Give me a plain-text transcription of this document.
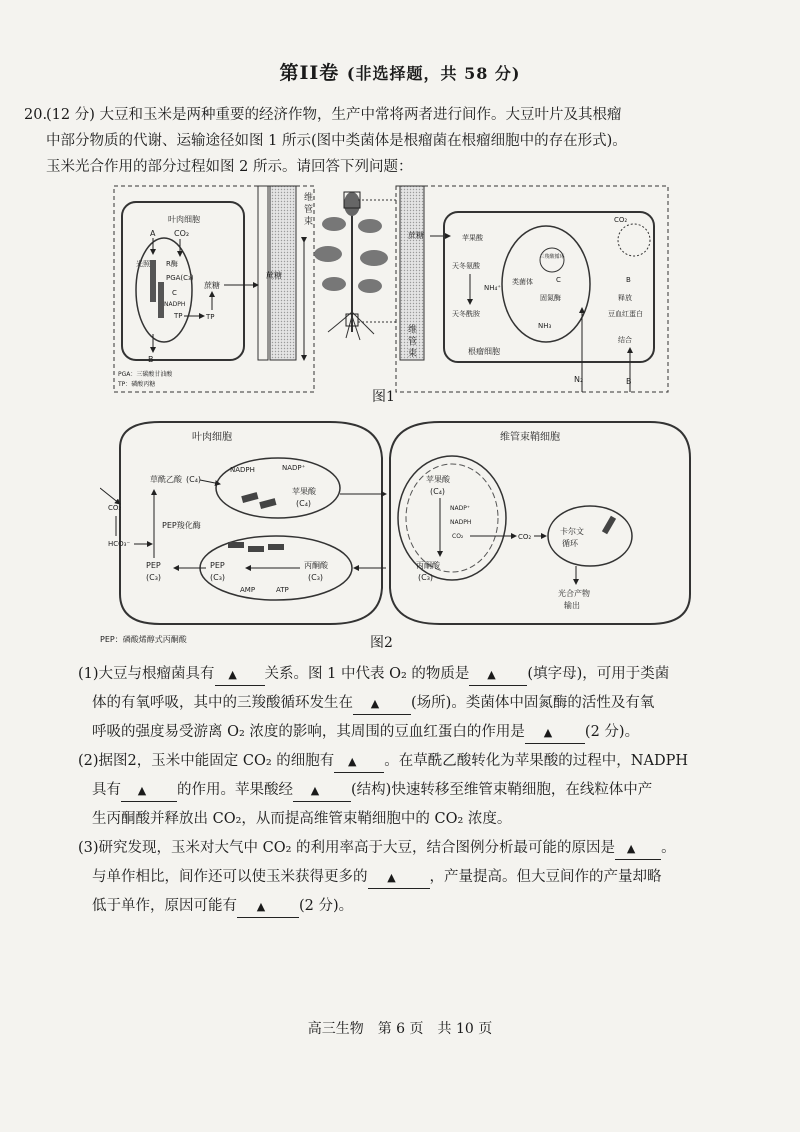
第II卷 (非选择题，共 58 分)
20.
(12 分) 大豆和玉米是两种重要的经济作物，生产中常将两者进行间作。大豆叶片及其根瘤
中部分物质的代谢、运输途径如图 1 所示(图中类菌体是根瘤菌在根瘤细胞中的存在形式)。
玉米光合作用的部分过程如图 2 所示。请回答下列问题：
叶肉细胞
A CO₂
光照 R酶
PGA(C₃)
C
NADPH
TP	TP
蔗糖
B
PGA：三碳酸甘油酸
TP：磷酸丙糖
蔗糖
维管束
维管束
蔗糖
根瘤细胞
苹果酸
天冬氨酸
NH₄⁺
天冬酰胺
三羧酸循环
类菌体	C
固氮酶
NH₃
N₂
CO₂
B
释放
豆血红蛋白
结合
B
图1
叶肉细胞	维管束鞘细胞
草酰乙酸 (C₄)
NADPH	NADP⁺
苹果酸
(C₄)
CO₂
HCO₃⁻
PEP羧化酶
PEP
(C₃)
PEP
(C₃)
AMP	ATP
丙酮酸
(C₃)
苹果酸
(C₄)
NADP⁺
NADPH
CO₂
丙酮酸
(C₃)
CO₂
卡尔文
循环
光合产物
输出
PEP：磷酸烯醇式丙酮酸	图2

(1)大豆与根瘤菌具有 ▲ 关系。图 1 中代表 O₂ 的物质是 ▲ (填字母)，可用于类菌
体的有氧呼吸，其中的三羧酸循环发生在 ▲ (场所)。类菌体中固氮酶的活性及有氧
呼吸的强度易受游离 O₂ 浓度的影响，其周围的豆血红蛋白的作用是 ▲ (2 分)。

(2)据图2，玉米中能固定 CO₂ 的细胞有 ▲ 。在草酰乙酸转化为苹果酸的过程中，NADPH
具有 ▲ 的作用。苹果酸经 ▲ (结构)快速转移至维管束鞘细胞，在线粒体中产
生丙酮酸并释放出 CO₂，从而提高维管束鞘细胞中的 CO₂ 浓度。

(3)研究发现，玉米对大气中 CO₂ 的利用率高于大豆，结合图例分析最可能的原因是 ▲ 。
与单作相比，间作还可以使玉米获得更多的 ▲ ，产量提高。但大豆间作的产量却略
低于单作，原因可能有 ▲ (2 分)。

高三生物　第 6 页　共 10 页
